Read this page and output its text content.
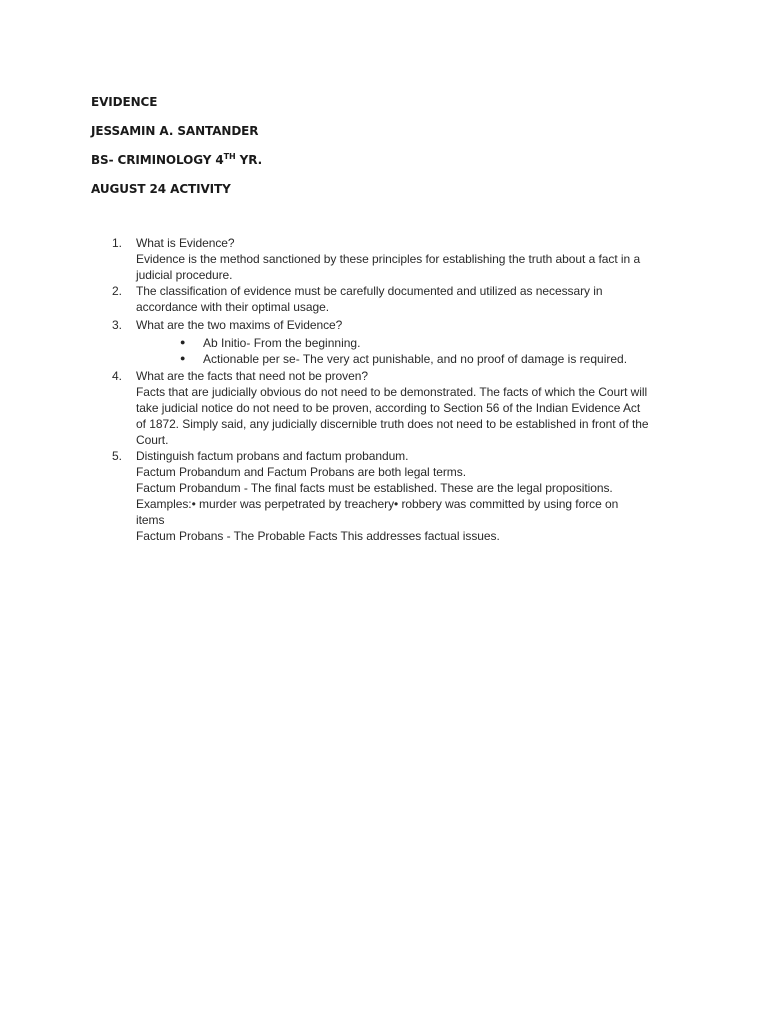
EVIDENCE
JESSAMIN A. SANTANDER
BS- CRIMINOLOGY 4TH YR.
AUGUST 24 ACTIVITY
1. What is Evidence?
Evidence is the method sanctioned by these principles for establishing the truth about a fact in a
judicial procedure.
2. The classification of evidence must be carefully documented and utilized as necessary in
accordance with their optimal usage.
3. What are the two maxims of Evidence?
● Ab Initio- From the beginning.
● Actionable per se- The very act punishable, and no proof of damage is required.
4. What are the facts that need not be proven?
Facts that are judicially obvious do not need to be demonstrated. The facts of which the Court will
take judicial notice do not need to be proven, according to Section 56 of the Indian Evidence Act
of 1872. Simply said, any judicially discernible truth does not need to be established in front of the
Court.
5. Distinguish factum probans and factum probandum.
Factum Probandum and Factum Probans are both legal terms.
Factum Probandum - The final facts must be established. These are the legal propositions.
Examples:• murder was perpetrated by treachery• robbery was committed by using force on
items
Factum Probans - The Probable Facts This addresses factual issues.
